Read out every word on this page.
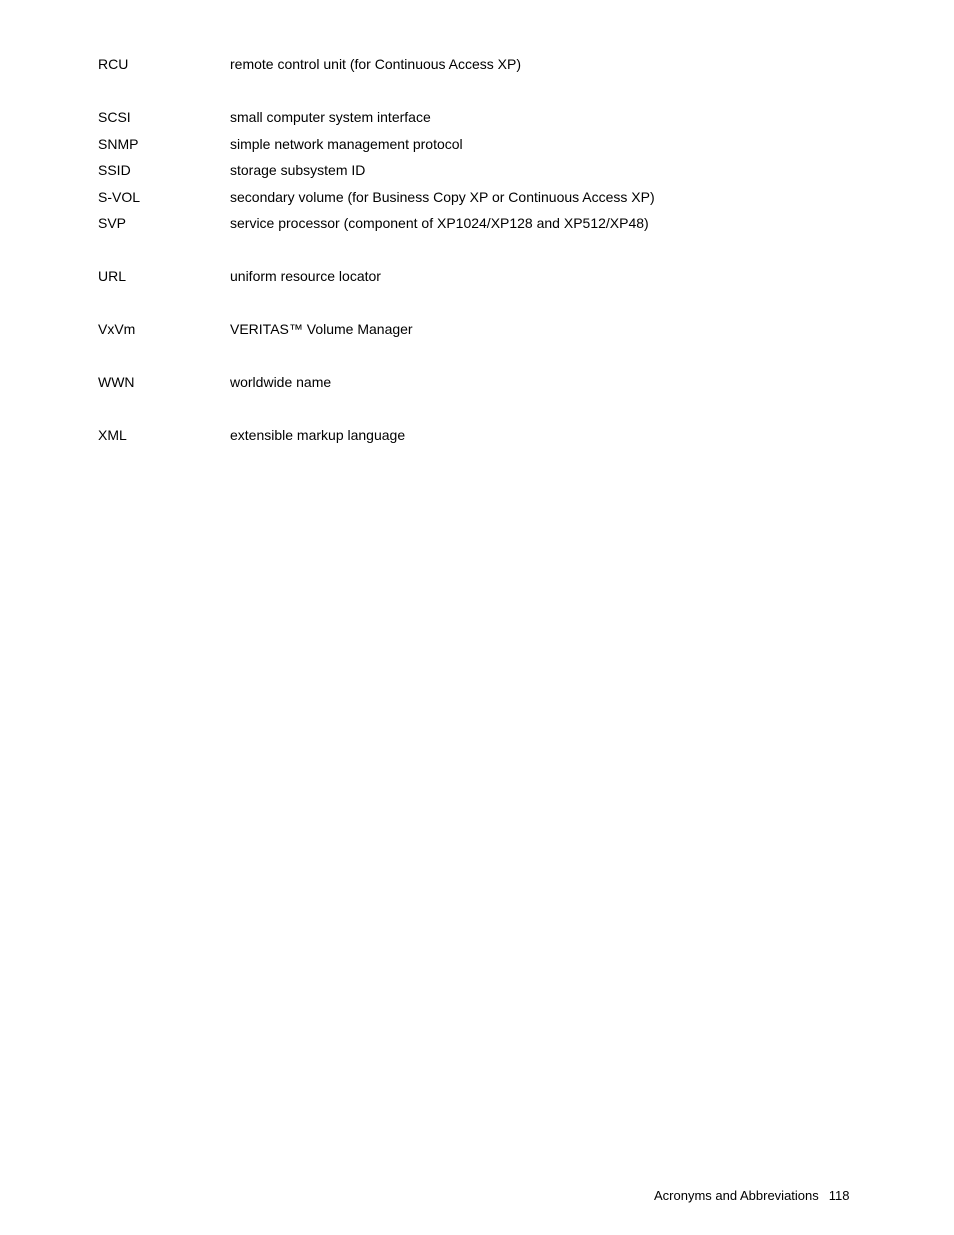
RCU	remote control unit (for Continuous Access XP)
SCSI	small computer system interface
SNMP	simple network management protocol
SSID	storage subsystem ID
S-VOL	secondary volume (for Business Copy XP or Continuous Access XP)
SVP	service processor (component of XP1024/XP128 and XP512/XP48)
URL	uniform resource locator
VxVm	VERITAS™ Volume Manager
WWN	worldwide name
XML	extensible markup language
Acronyms and Abbreviations 118
